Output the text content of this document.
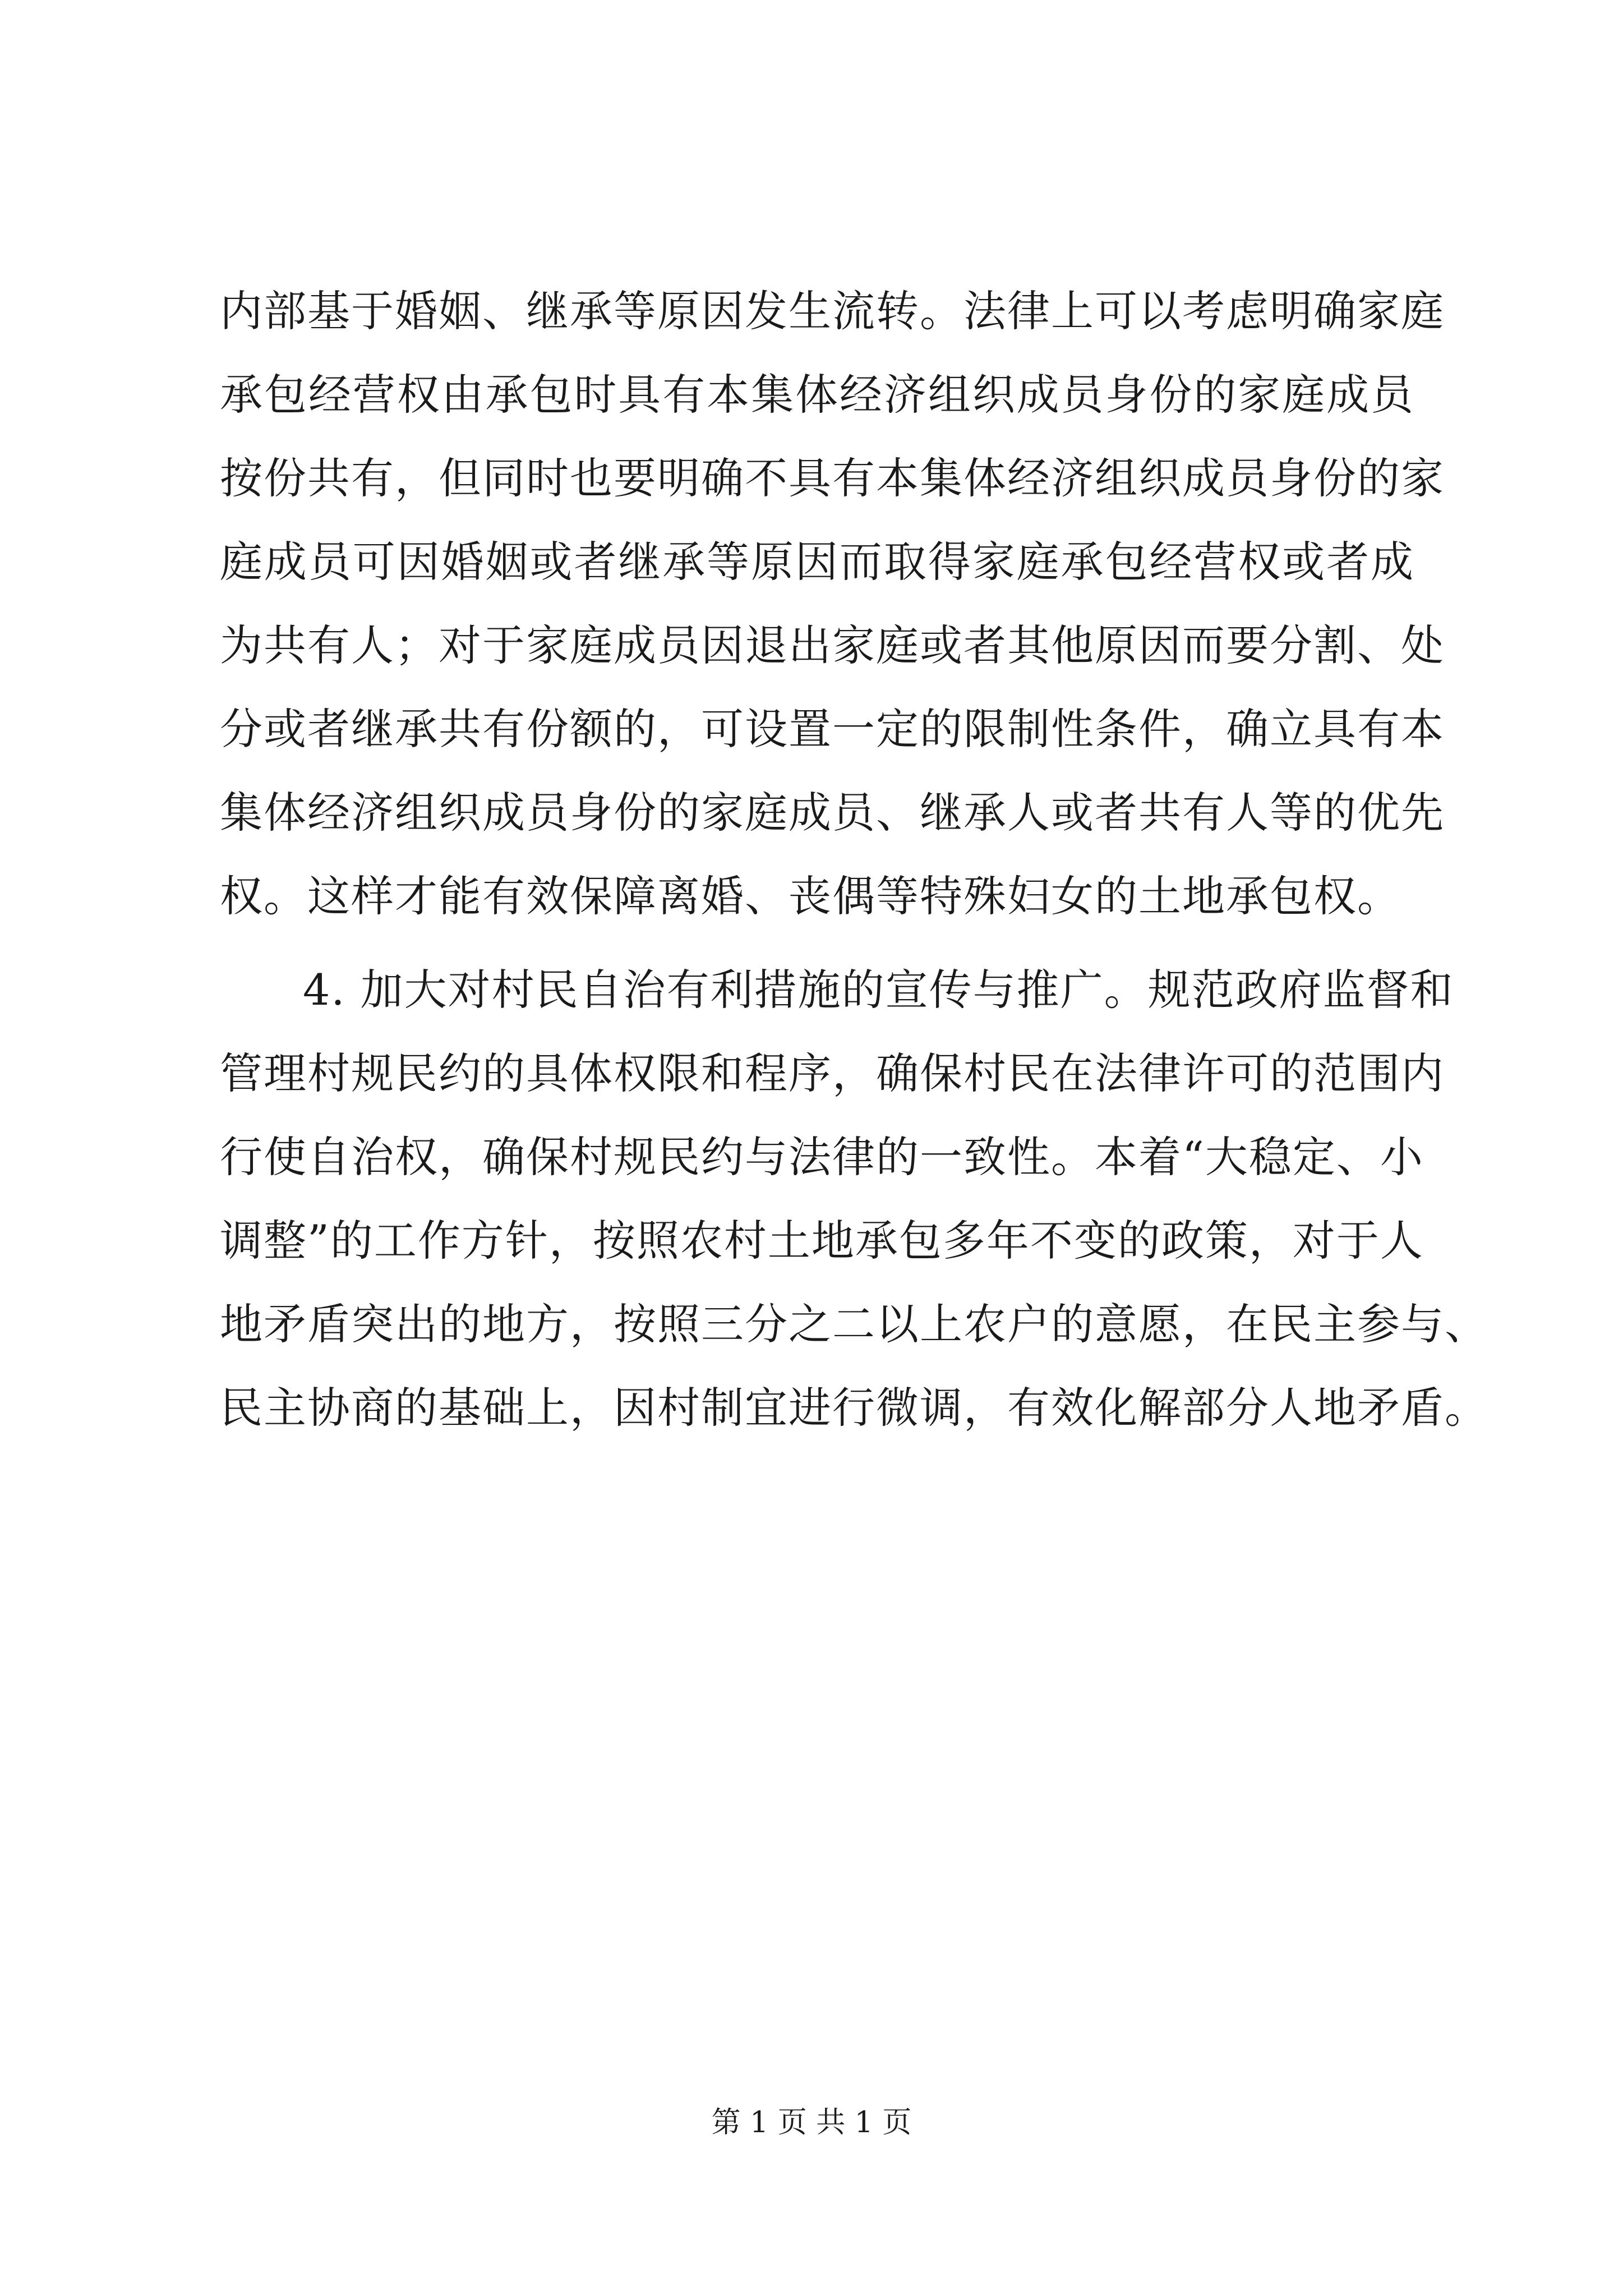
内部基于婚姻、继承等原因发生流转。法律上可以考虑明确家庭
承包经营权由承包时具有本集体经济组织成员身份的家庭成员
按份共有，但同时也要明确不具有本集体经济组织成员身份的家
庭成员可因婚姻或者继承等原因而取得家庭承包经营权或者成
为共有人；对于家庭成员因退出家庭或者其他原因而要分割、处
分或者继承共有份额的，可设置一定的限制性条件，确立具有本
集体经济组织成员身份的家庭成员、继承人或者共有人等的优先
权。这样才能有效保障离婚、丧偶等特殊妇女的土地承包权。
4. 加大对村民自治有利措施的宣传与推广。规范政府监督和
管理村规民约的具体权限和程序，确保村民在法律许可的范围内
行使自治权，确保村规民约与法律的一致性。本着“大稳定、小
调整”的工作方针，按照农村土地承包多年不变的政策，对于人
地矛盾突出的地方，按照三分之二以上农户的意愿，在民主参与、
民主协商的基础上，因村制宜进行微调，有效化解部分人地矛盾。
第 1 页 共 1 页
